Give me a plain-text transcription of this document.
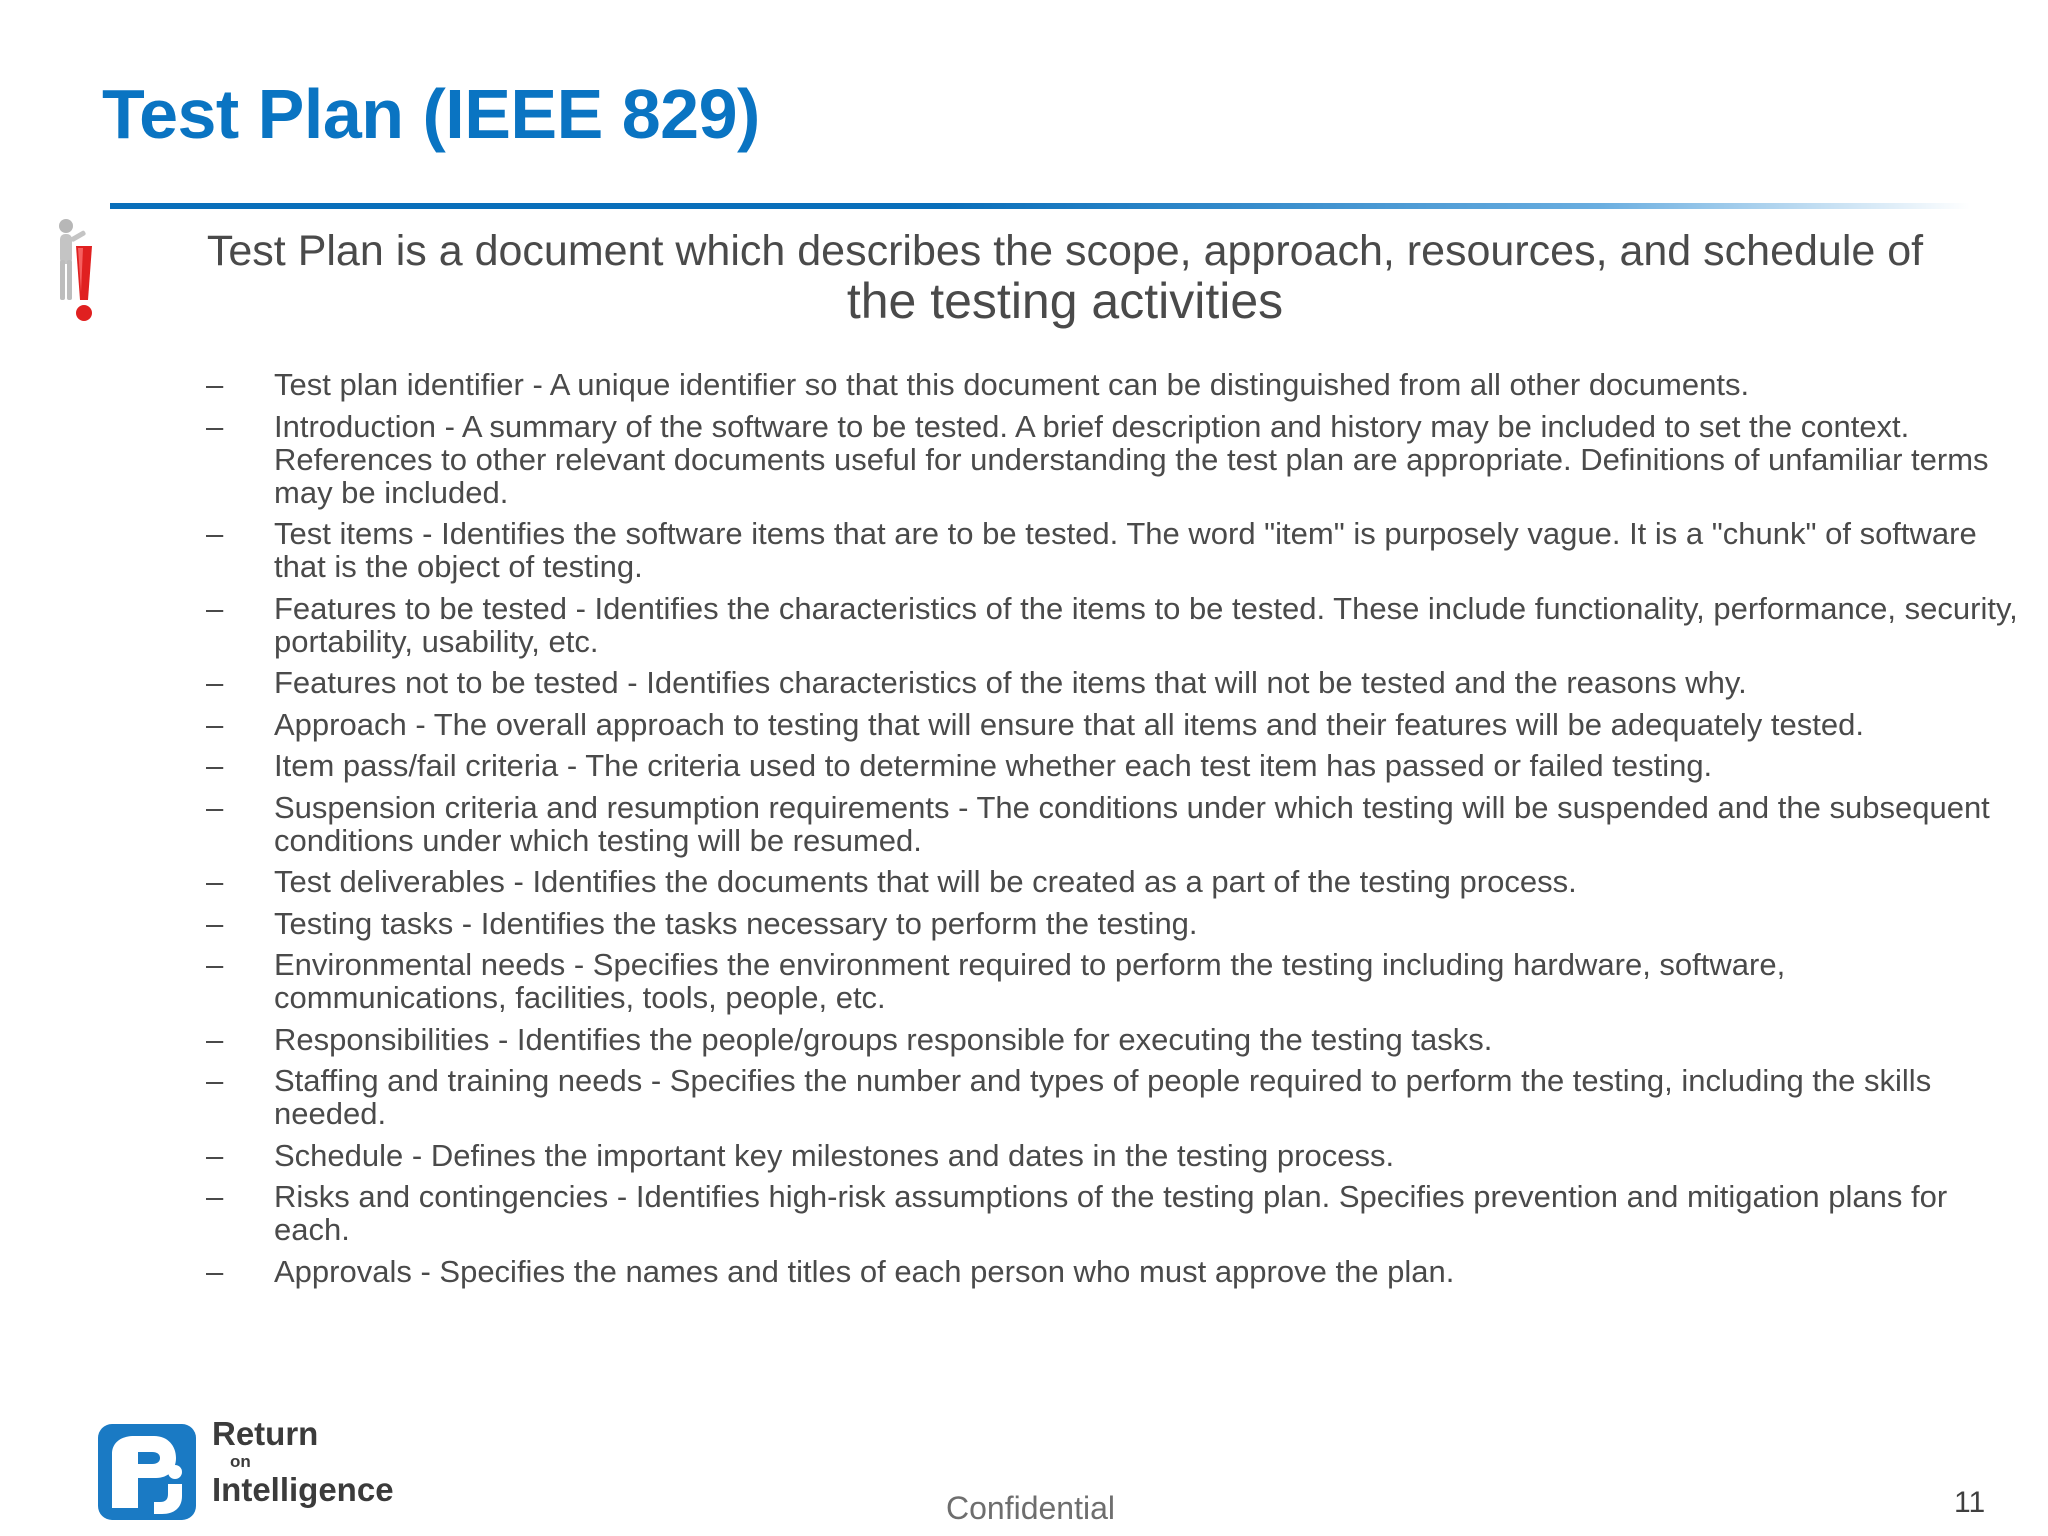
Test Plan (IEEE 829)

Test Plan is a document which describes the scope, approach, resources, and schedule of
the testing activities

– Test plan identifier - A unique identifier so that this document can be distinguished from all other documents.
– Introduction - A summary of the software to be tested. A brief description and history may be included to set the context. References to other relevant documents useful for understanding the test plan are appropriate. Definitions of unfamiliar terms may be included.
– Test items - Identifies the software items that are to be tested. The word "item" is purposely vague. It is a "chunk" of software that is the object of testing.
– Features to be tested - Identifies the characteristics of the items to be tested. These include functionality, performance, security, portability, usability, etc.
– Features not to be tested - Identifies characteristics of the items that will not be tested and the reasons why.
– Approach - The overall approach to testing that will ensure that all items and their features will be adequately tested.
– Item pass/fail criteria - The criteria used to determine whether each test item has passed or failed testing.
– Suspension criteria and resumption requirements - The conditions under which testing will be suspended and the subsequent conditions under which testing will be resumed.
– Test deliverables - Identifies the documents that will be created as a part of the testing process.
– Testing tasks - Identifies the tasks necessary to perform the testing.
– Environmental needs - Specifies the environment required to perform the testing including hardware, software, communications, facilities, tools, people, etc.
– Responsibilities - Identifies the people/groups responsible for executing the testing tasks.
– Staffing and training needs - Specifies the number and types of people required to perform the testing, including the skills needed.
– Schedule - Defines the important key milestones and dates in the testing process.
– Risks and contingencies - Identifies high-risk assumptions of the testing plan. Specifies prevention and mitigation plans for each.
– Approvals - Specifies the names and titles of each person who must approve the plan.
Return
on
Intelligence	Confidential	11
